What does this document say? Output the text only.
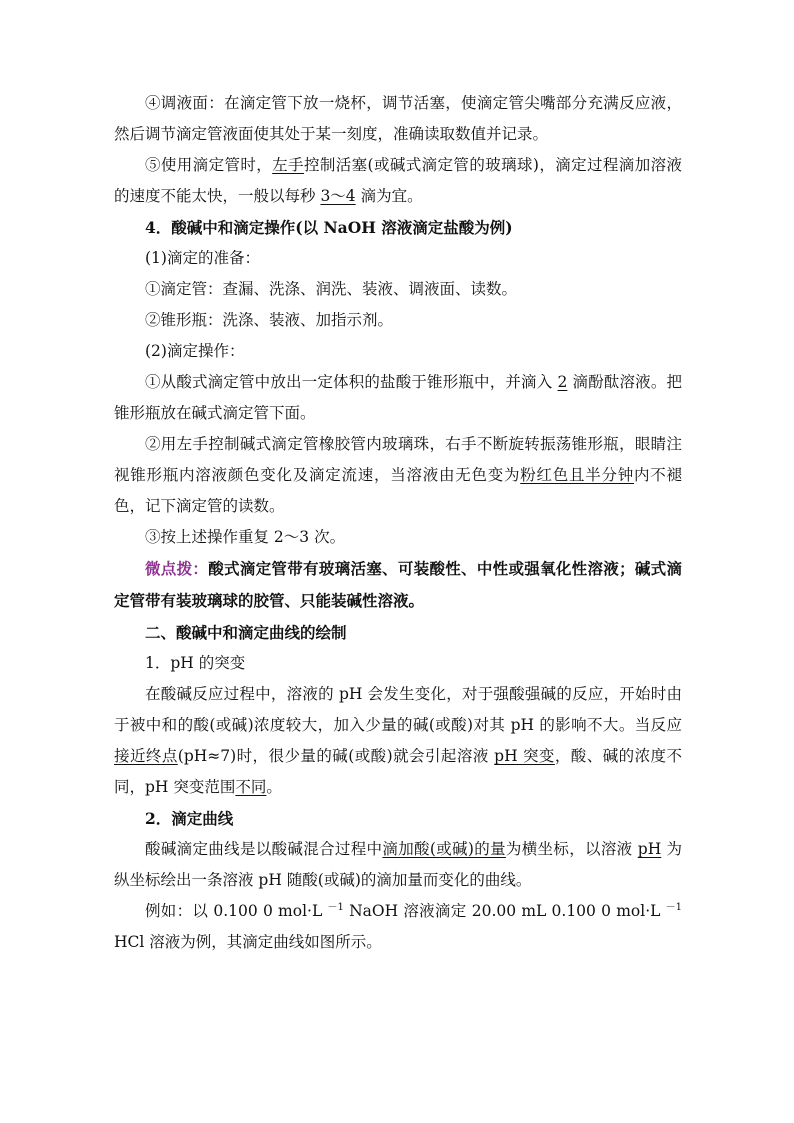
④调液面：在滴定管下放一烧杯，调节活塞，使滴定管尖嘴部分充满反应液，然后调节滴定管液面使其处于某一刻度，准确读取数值并记录。

⑤使用滴定管时，左手控制活塞(或碱式滴定管的玻璃球)，滴定过程滴加溶液的速度不能太快，一般以每秒 3～4 滴为宜。

4．酸碱中和滴定操作(以 NaOH 溶液滴定盐酸为例)

(1)滴定的准备：

①滴定管：查漏、洗涤、润洗、装液、调液面、读数。

②锥形瓶：洗涤、装液、加指示剂。

(2)滴定操作：

①从酸式滴定管中放出一定体积的盐酸于锥形瓶中，并滴入 2 滴酚酞溶液。把锥形瓶放在碱式滴定管下面。

②用左手控制碱式滴定管橡胶管内玻璃珠，右手不断旋转振荡锥形瓶，眼睛注视锥形瓶内溶液颜色变化及滴定流速，当溶液由无色变为粉红色且半分钟内不褪色，记下滴定管的读数。

③按上述操作重复 2～3 次。

微点拨：酸式滴定管带有玻璃活塞、可装酸性、中性或强氧化性溶液；碱式滴定管带有装玻璃球的胶管、只能装碱性溶液。

二、酸碱中和滴定曲线的绘制

1．pH 的突变

在酸碱反应过程中，溶液的 pH 会发生变化，对于强酸强碱的反应，开始时由于被中和的酸(或碱)浓度较大，加入少量的碱(或酸)对其 pH 的影响不大。当反应接近终点(pH≈7)时，很少量的碱(或酸)就会引起溶液 pH 突变，酸、碱的浓度不同，pH 突变范围不同。

2．滴定曲线

酸碱滴定曲线是以酸碱混合过程中滴加酸(或碱)的量为横坐标，以溶液 pH 为纵坐标绘出一条溶液 pH 随酸(或碱)的滴加量而变化的曲线。

例如：以 0.100 0 mol·L $^{-1}$ NaOH 溶液滴定 20.00 mL 0.100 0 mol·L $^{-1}$ HCl 溶液为例，其滴定曲线如图所示。
